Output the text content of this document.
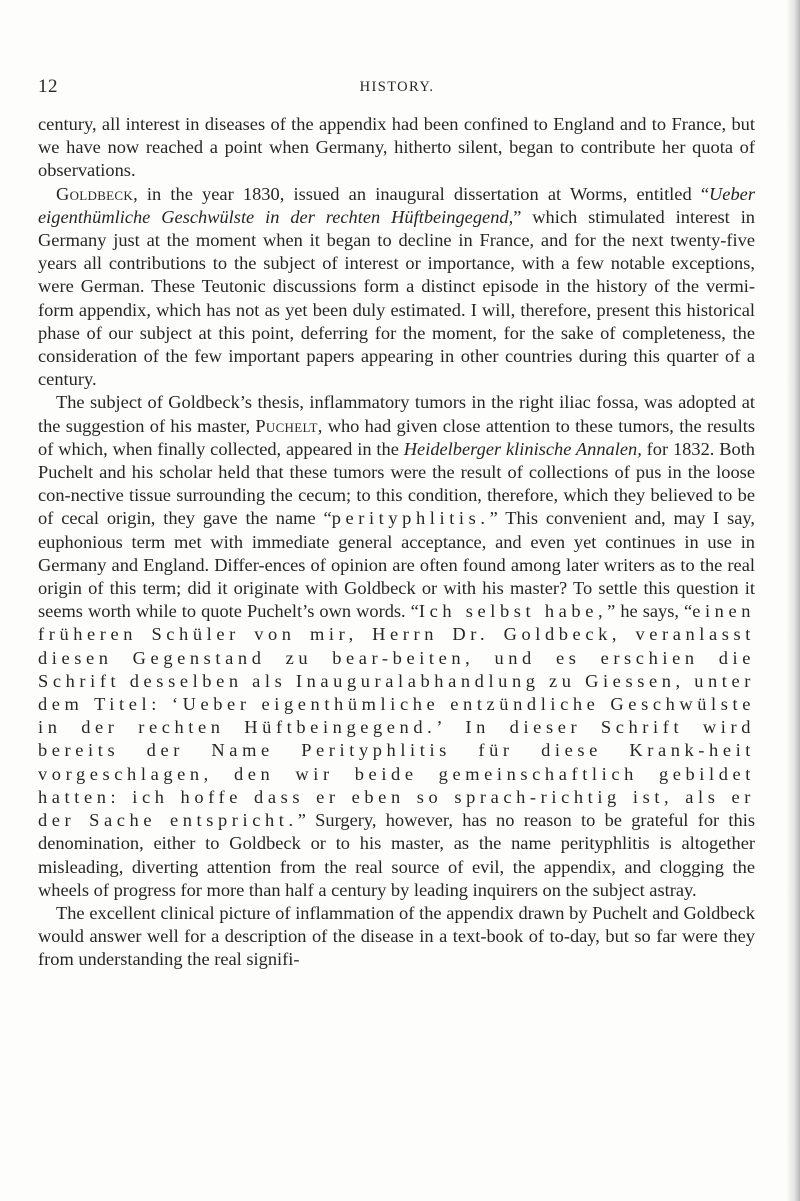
12	HISTORY.

century, all interest in diseases of the appendix had been confined to England and to France, but we have now reached a point when Germany, hitherto silent, began to contribute her quota of observations.

Goldbeck, in the year 1830, issued an inaugural dissertation at Worms, entitled “Ueber eigenthümliche Geschwülste in der rechten Hüftbeingegend,” which stimulated interest in Germany just at the moment when it began to decline in France, and for the next twenty-five years all contributions to the subject of interest or importance, with a few notable exceptions, were German. These Teutonic discussions form a distinct episode in the history of the vermi-form appendix, which has not as yet been duly estimated. I will, therefore, present this historical phase of our subject at this point, deferring for the moment, for the sake of completeness, the consideration of the few important papers appearing in other countries during this quarter of a century.

The subject of Goldbeck’s thesis, inflammatory tumors in the right iliac fossa, was adopted at the suggestion of his master, Puchelt, who had given close attention to these tumors, the results of which, when finally collected, appeared in the Heidelberger klinische Annalen, for 1832. Both Puchelt and his scholar held that these tumors were the result of collections of pus in the loose con-nective tissue surrounding the cecum; to this condition, therefore, which they believed to be of cecal origin, they gave the name “perityphlitis.” This convenient and, may I say, euphonious term met with immediate general acceptance, and even yet continues in use in Germany and England. Differ-ences of opinion are often found among later writers as to the real origin of this term; did it originate with Goldbeck or with his master? To settle this question it seems worth while to quote Puchelt’s own words. “Ich selbst habe,” he says, “einen früheren Schüler von mir, Herrn Dr. Goldbeck, veranlasst diesen Gegenstand zu bear-beiten, und es erschien die Schrift desselben als Inauguralabhandlung zu Giessen, unter dem Titel: ‘Ueber eigenthümliche entzündliche Geschwülste in der rechten Hüftbeingegend.’ In dieser Schrift wird bereits der Name Perityphlitis für diese Krank-heit vorgeschlagen, den wir beide gemeinschaftlich gebildet hatten: ich hoffe dass er eben so sprach-richtig ist, als er der Sache entspricht.” Surgery, however, has no reason to be grateful for this denomination, either to Goldbeck or to his master, as the name perityphlitis is altogether misleading, diverting attention from the real source of evil, the appendix, and clogging the wheels of progress for more than half a century by leading inquirers on the subject astray.

The excellent clinical picture of inflammation of the appendix drawn by Puchelt and Goldbeck would answer well for a description of the disease in a text-book of to-day, but so far were they from understanding the real signifi-
